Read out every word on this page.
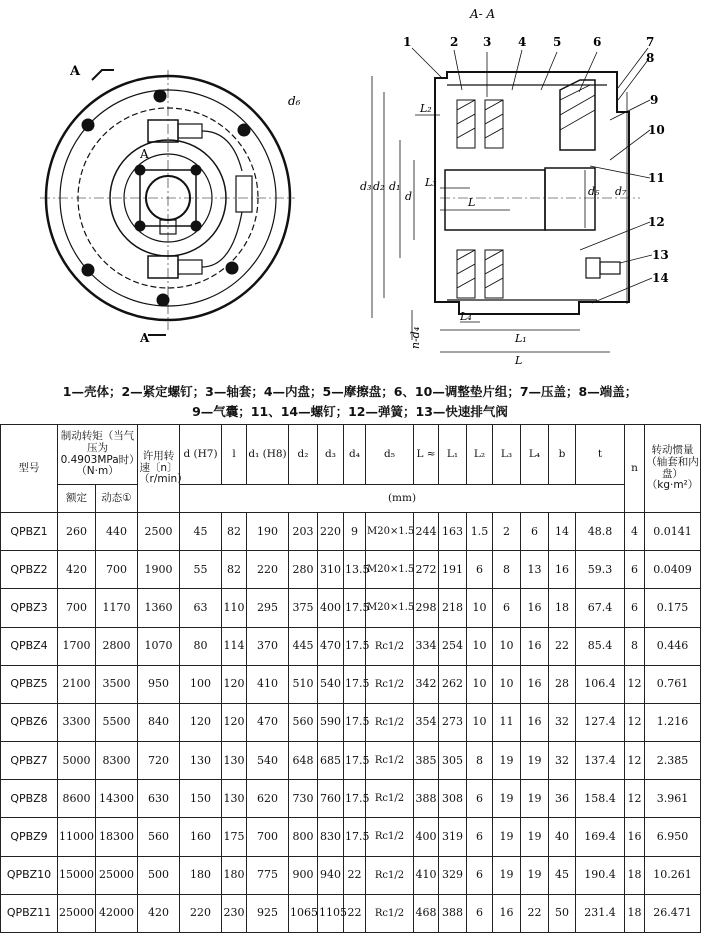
A
d₆
A
A
A- A
1	2 3 4 5	6	7
8
9
10
11
12
13
14
d₃ d₂ d₁
d	d₅ d₇
L₂
L₃
L
L₄
L₁
L
n-d₄
1—壳体；2—紧定螺钉；3—轴套；4—内盘；5—摩擦盘；6、10—调整垫片组；7—压盖；8—端盖；
9—气囊；11、14—螺钉；12—弹簧；13—快速排气阀
型号	制动转矩（当气压为0.4903MPa时）（N·m）		许用转速〔n〕（r/min）	d (H7)	l	d₁ (H8)	d₂	d₃	d₄	d₅	L ≈	L₁	L₂	L₃	L₄	b	t	n	转动惯量（轴套和内盘）（kg·m²）
	额定	动态①		(mm)															
QPBZ1	260	440	2500	45	82	190	203	220	9	M20×1.5	244	163	1.5	2	6	14	48.8	4	0.0141
QPBZ2	420	700	1900	55	82	220	280	310	13.5	M20×1.5	272	191	6	8	13	16	59.3	6	0.0409
QPBZ3	700	1170	1360	63	110	295	375	400	17.5	M20×1.5	298	218	10	6	16	18	67.4	6	0.175
QPBZ4	1700	2800	1070	80	114	370	445	470	17.5	Rc1/2	334	254	10	10	16	22	85.4	8	0.446
QPBZ5	2100	3500	950	100	120	410	510	540	17.5	Rc1/2	342	262	10	10	16	28	106.4	12	0.761
QPBZ6	3300	5500	840	120	120	470	560	590	17.5	Rc1/2	354	273	10	11	16	32	127.4	12	1.216
QPBZ7	5000	8300	720	130	130	540	648	685	17.5	Rc1/2	385	305	8	19	19	32	137.4	12	2.385
QPBZ8	8600	14300	630	150	130	620	730	760	17.5	Rc1/2	388	308	6	19	19	36	158.4	12	3.961
QPBZ9	11000	18300	560	160	175	700	800	830	17.5	Rc1/2	400	319	6	19	19	40	169.4	16	6.950
QPBZ10	15000	25000	500	180	180	775	900	940	22	Rc1/2	410	329	6	19	19	45	190.4	18	10.261
QPBZ11	25000	42000	420	220	230	925	1065	1105	22	Rc1/2	468	388	6	16	22	50	231.4	18	26.471
